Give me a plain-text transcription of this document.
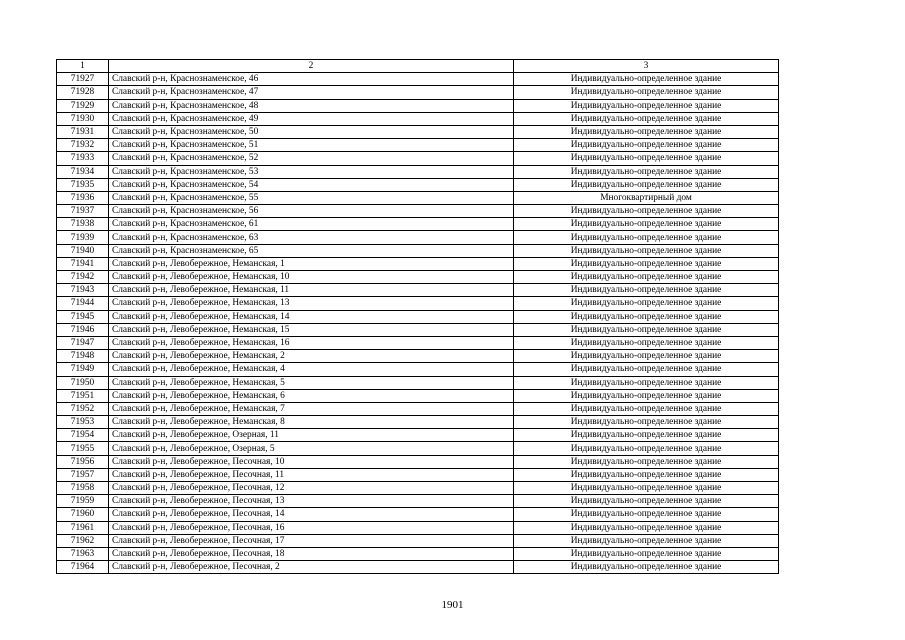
1	2	3
71927	Славский р-н, Краснознаменское, 46	Индивидуально-определенное здание
71928	Славский р-н, Краснознаменское, 47	Индивидуально-определенное здание
71929	Славский р-н, Краснознаменское, 48	Индивидуально-определенное здание
71930	Славский р-н, Краснознаменское, 49	Индивидуально-определенное здание
71931	Славский р-н, Краснознаменское, 50	Индивидуально-определенное здание
71932	Славский р-н, Краснознаменское, 51	Индивидуально-определенное здание
71933	Славский р-н, Краснознаменское, 52	Индивидуально-определенное здание
71934	Славский р-н, Краснознаменское, 53	Индивидуально-определенное здание
71935	Славский р-н, Краснознаменское, 54	Индивидуально-определенное здание
71936	Славский р-н, Краснознаменское, 55	Многоквартирный дом
71937	Славский р-н, Краснознаменское, 56	Индивидуально-определенное здание
71938	Славский р-н, Краснознаменское, 61	Индивидуально-определенное здание
71939	Славский р-н, Краснознаменское, 63	Индивидуально-определенное здание
71940	Славский р-н, Краснознаменское, 65	Индивидуально-определенное здание
71941	Славский р-н, Левобережное, Неманская, 1	Индивидуально-определенное здание
71942	Славский р-н, Левобережное, Неманская, 10	Индивидуально-определенное здание
71943	Славский р-н, Левобережное, Неманская, 11	Индивидуально-определенное здание
71944	Славский р-н, Левобережное, Неманская, 13	Индивидуально-определенное здание
71945	Славский р-н, Левобережное, Неманская, 14	Индивидуально-определенное здание
71946	Славский р-н, Левобережное, Неманская, 15	Индивидуально-определенное здание
71947	Славский р-н, Левобережное, Неманская, 16	Индивидуально-определенное здание
71948	Славский р-н, Левобережное, Неманская, 2	Индивидуально-определенное здание
71949	Славский р-н, Левобережное, Неманская, 4	Индивидуально-определенное здание
71950	Славский р-н, Левобережное, Неманская, 5	Индивидуально-определенное здание
71951	Славский р-н, Левобережное, Неманская, 6	Индивидуально-определенное здание
71952	Славский р-н, Левобережное, Неманская, 7	Индивидуально-определенное здание
71953	Славский р-н, Левобережное, Неманская, 8	Индивидуально-определенное здание
71954	Славский р-н, Левобережное, Озерная, 11	Индивидуально-определенное здание
71955	Славский р-н, Левобережное, Озерная, 5	Индивидуально-определенное здание
71956	Славский р-н, Левобережное, Песочная, 10	Индивидуально-определенное здание
71957	Славский р-н, Левобережное, Песочная, 11	Индивидуально-определенное здание
71958	Славский р-н, Левобережное, Песочная, 12	Индивидуально-определенное здание
71959	Славский р-н, Левобережное, Песочная, 13	Индивидуально-определенное здание
71960	Славский р-н, Левобережное, Песочная, 14	Индивидуально-определенное здание
71961	Славский р-н, Левобережное, Песочная, 16	Индивидуально-определенное здание
71962	Славский р-н, Левобережное, Песочная, 17	Индивидуально-определенное здание
71963	Славский р-н, Левобережное, Песочная, 18	Индивидуально-определенное здание
71964	Славский р-н, Левобережное, Песочная, 2	Индивидуально-определенное здание
1901
